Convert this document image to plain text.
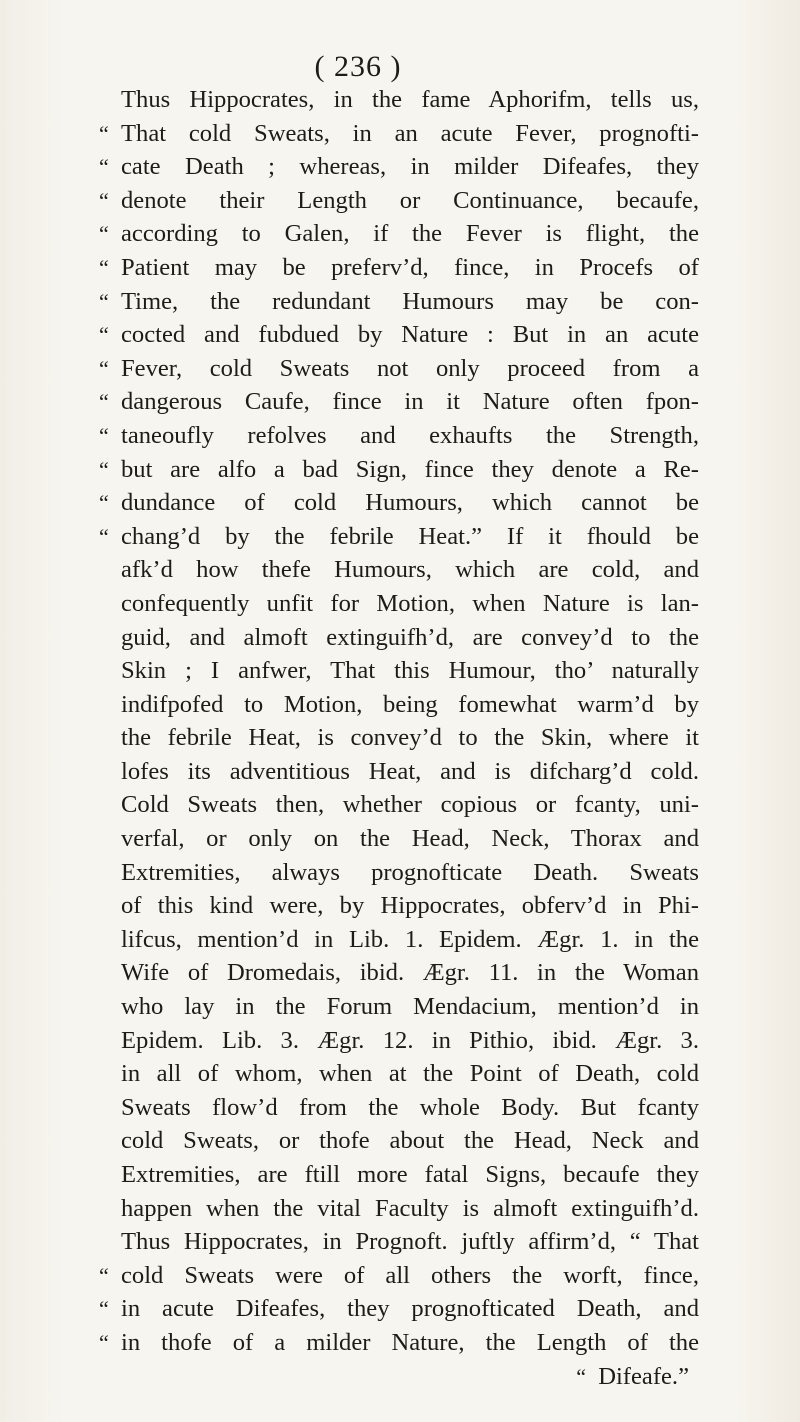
( 236 )
Thus Hippocrates, in the fame Aphorifm, tells us,
“ That cold Sweats, in an acute Fever, prognofti-
“ cate Death ; whereas, in milder Difeafes, they
“ denote their Length or Continuance, becaufe,
“ according to Galen, if the Fever is flight, the
“ Patient may be preferv’d, fince, in Procefs of
“ Time, the redundant Humours may be con-
“ cocted and fubdued by Nature : But in an acute
“ Fever, cold Sweats not only proceed from a
“ dangerous Caufe, fince in it Nature often fpon-
“ taneoufly refolves and exhaufts the Strength,
“ but are alfo a bad Sign, fince they denote a Re-
“ dundance of cold Humours, which cannot be
“ chang’d by the febrile Heat.” If it fhould be
afk’d how thefe Humours, which are cold, and
confequently unfit for Motion, when Nature is lan-
guid, and almoft extinguifh’d, are convey’d to the
Skin ; I anfwer, That this Humour, tho’ naturally
indifpofed to Motion, being fomewhat warm’d by
the febrile Heat, is convey’d to the Skin, where it
lofes its adventitious Heat, and is difcharg’d cold.
Cold Sweats then, whether copious or fcanty, uni-
verfal, or only on the Head, Neck, Thorax and
Extremities, always prognofticate Death. Sweats
of this kind were, by Hippocrates, obferv’d in Phi-
lifcus, mention’d in Lib. 1. Epidem. Ægr. 1. in the
Wife of Dromedais, ibid. Ægr. 11. in the Woman
who lay in the Forum Mendacium, mention’d in
Epidem. Lib. 3. Ægr. 12. in Pithio, ibid. Ægr. 3.
in all of whom, when at the Point of Death, cold
Sweats flow’d from the whole Body. But fcanty
cold Sweats, or thofe about the Head, Neck and
Extremities, are ftill more fatal Signs, becaufe they
happen when the vital Faculty is almoft extinguifh’d.
Thus Hippocrates, in Prognoft. juftly affirm’d, “ That
“ cold Sweats were of all others the worft, fince,
“ in acute Difeafes, they prognofticated Death, and
“ in thofe of a milder Nature, the Length of the
“ Difeafe.”
